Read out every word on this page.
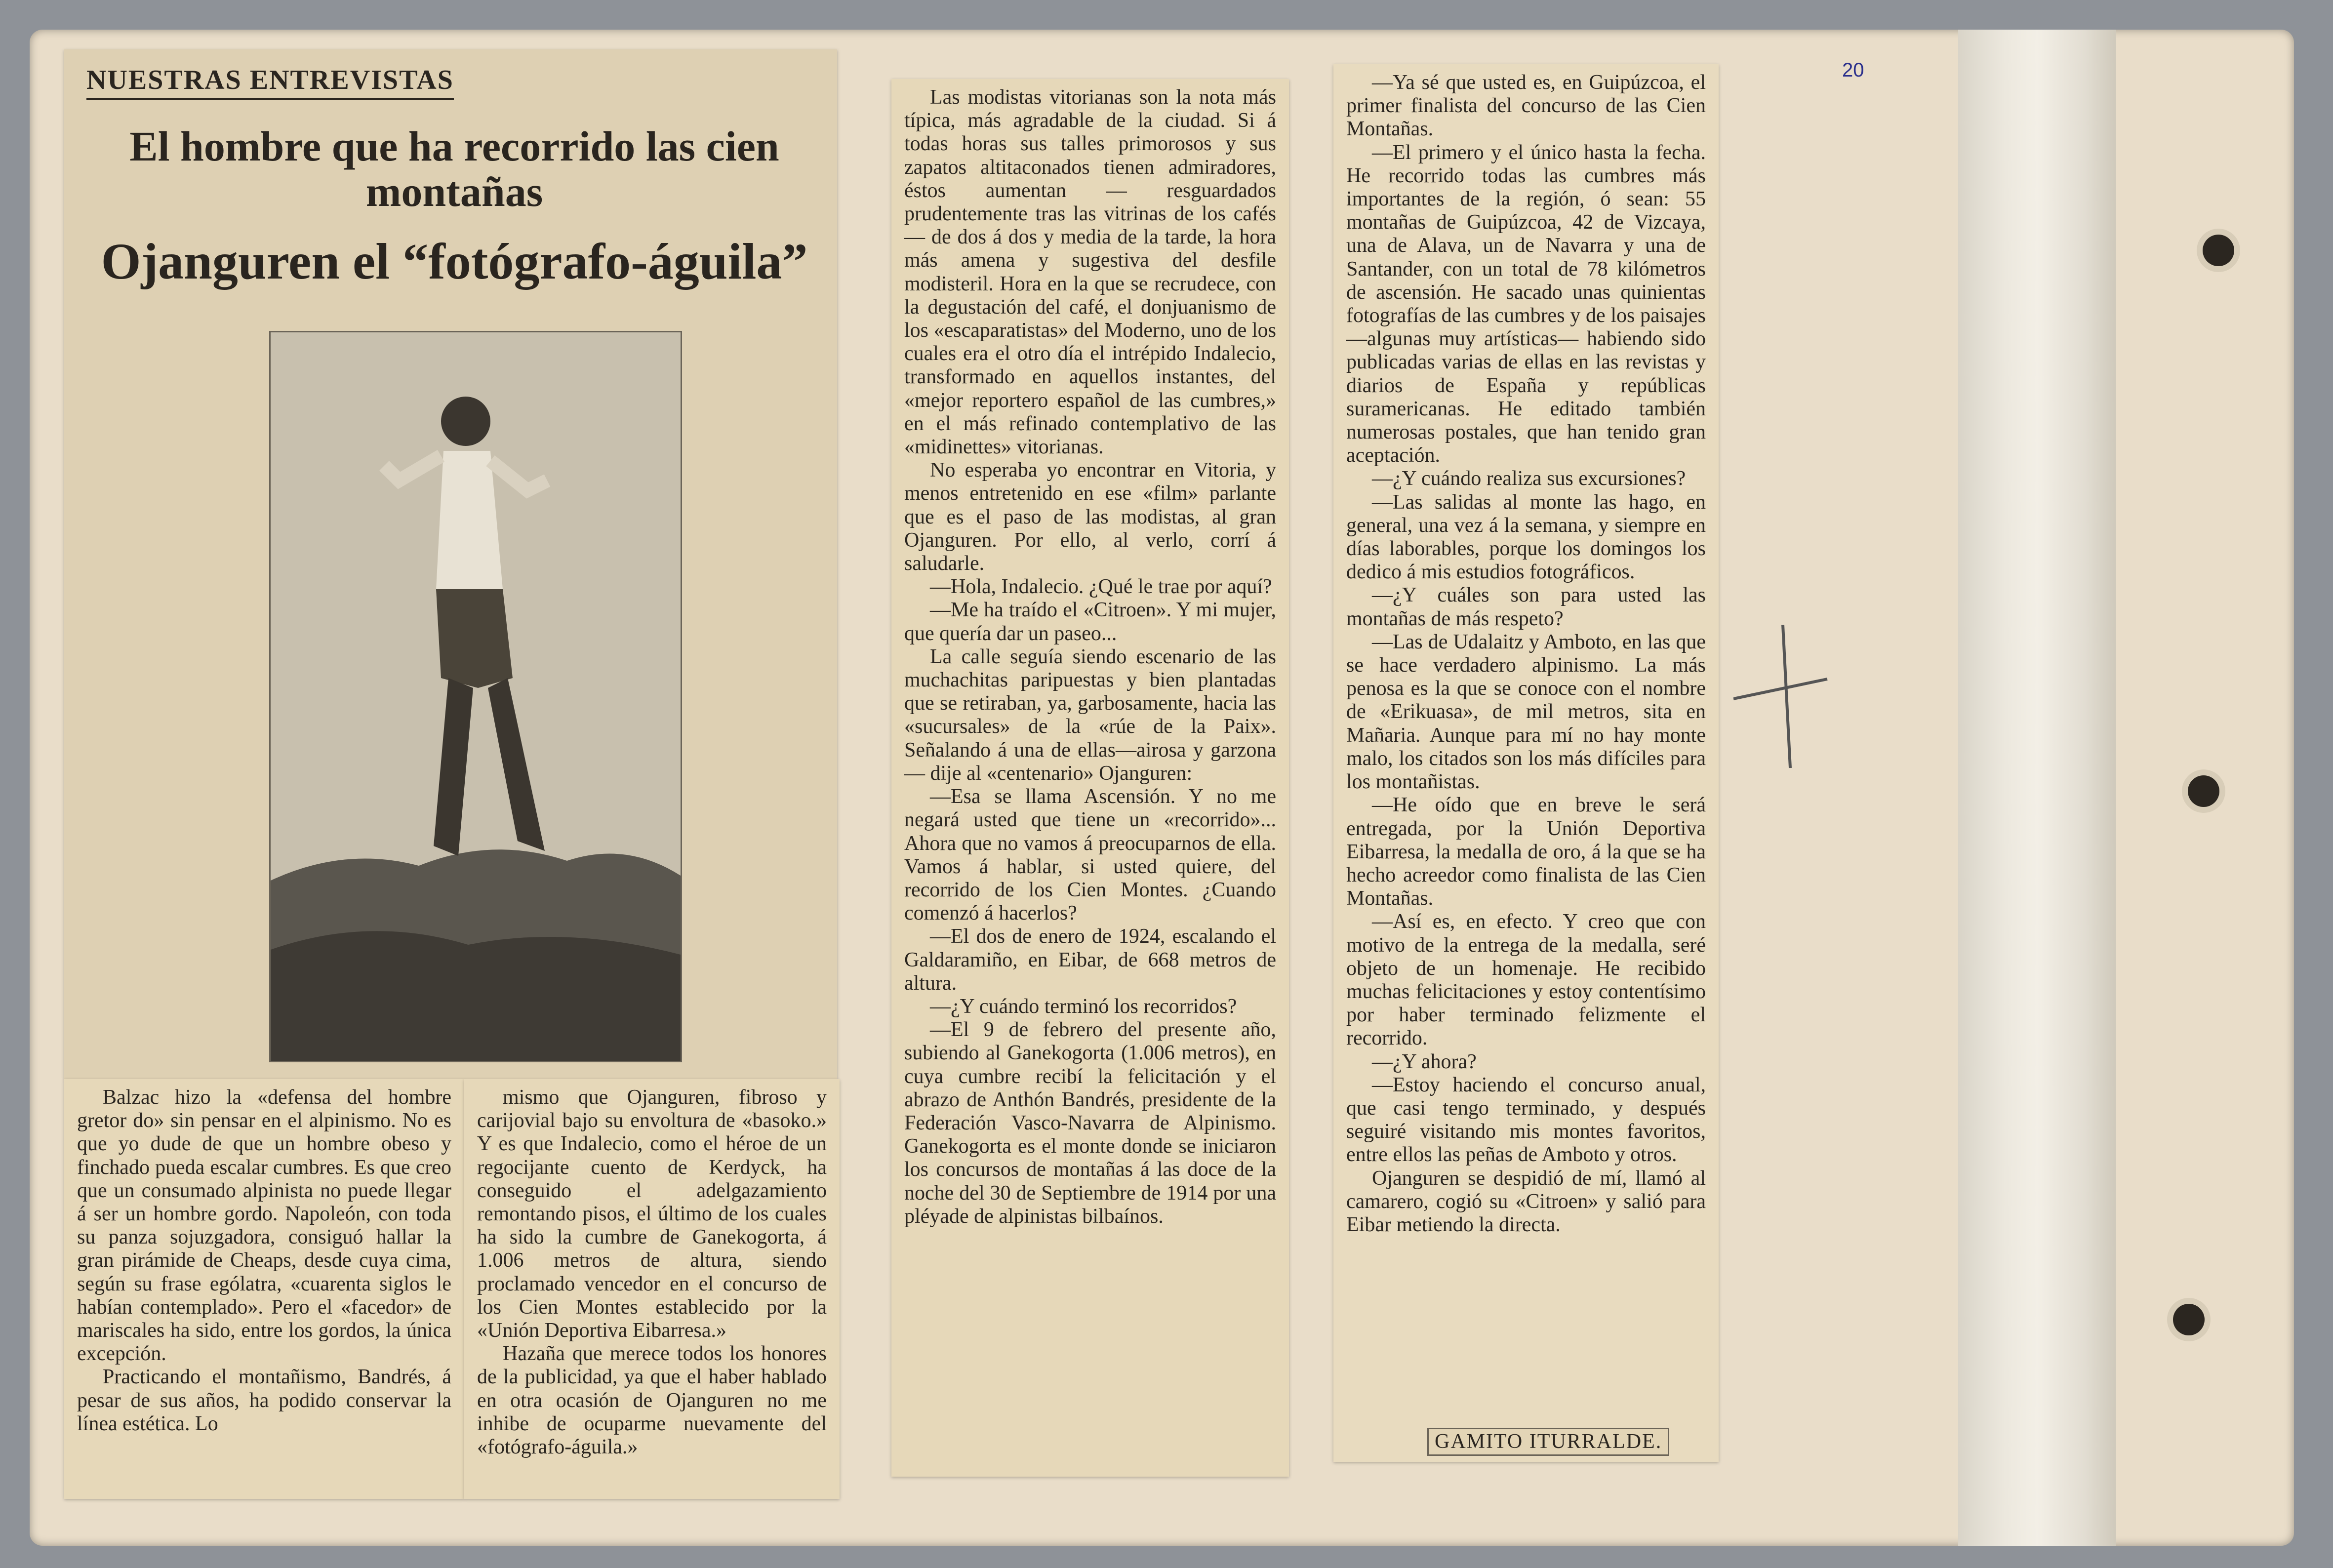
20
NUESTRAS ENTREVISTAS
El hombre que ha recorrido las cien montañas
Ojanguren el “fotógrafo-águila”

Balzac hizo la «defensa del hombre gretor do» sin pensar en el alpinismo. No es que yo dude de que un hombre obeso y finchado pueda escalar cumbres. Es que creo que un consumado alpinista no puede llegar á ser un hombre gordo. Napoleón, con toda su panza sojuzgadora, consiguó hallar la gran pirámide de Cheaps, desde cuya cima, según su frase ególatra, «cuarenta siglos le habían contemplado». Pero el «facedor» de mariscales ha sido, entre los gordos, la única excepción.

Practicando el montañismo, Bandrés, á pesar de sus años, ha podido conservar la línea estética. Lo

mismo que Ojanguren, fibroso y carijovial bajo su envoltura de «basoko.» Y es que Indalecio, como el héroe de un regocijante cuento de Kerdyck, ha conseguido el adelgazamiento remontando pisos, el último de los cuales ha sido la cumbre de Ganekogorta, á 1.006 metros de altura, siendo proclamado vencedor en el concurso de los Cien Montes establecido por la «Unión Deportiva Eibarresa.»

Hazaña que merece todos los honores de la publicidad, ya que el haber hablado en otra ocasión de Ojanguren no me inhibe de ocuparme nuevamente del «fotógrafo-águila.»

Las modistas vitorianas son la nota más típica, más agradable de la ciudad. Si á todas horas sus talles primorosos y sus zapatos altitaconados tienen admiradores, éstos aumentan — resguardados prudentemente tras las vitrinas de los cafés— de dos á dos y media de la tarde, la hora más amena y sugestiva del desfile modisteril. Hora en la que se recrudece, con la degustación del café, el donjuanismo de los «escaparatistas» del Moderno, uno de los cuales era el otro día el intrépido Indalecio, transformado en aquellos instantes, del «mejor reportero español de las cumbres,» en el más refinado contemplativo de las «midinettes» vitorianas.

No esperaba yo encontrar en Vitoria, y menos entretenido en ese «film» parlante que es el paso de las modistas, al gran Ojanguren. Por ello, al verlo, corrí á saludarle.

—Hola, Indalecio. ¿Qué le trae por aquí?

—Me ha traído el «Citroen». Y mi mujer, que quería dar un paseo...

La calle seguía siendo escenario de las muchachitas paripuestas y bien plantadas que se retiraban, ya, garbosamente, hacia las «sucursales» de la «rúe de la Paix». Señalando á una de ellas—airosa y garzona— dije al «centenario» Ojanguren:

—Esa se llama Ascensión. Y no me negará usted que tiene un «recorrido»... Ahora que no vamos á preocuparnos de ella. Vamos á hablar, si usted quiere, del recorrido de los Cien Montes. ¿Cuando comenzó á hacerlos?

—El dos de enero de 1924, escalando el Galdaramiño, en Eibar, de 668 metros de altura.

—¿Y cuándo terminó los recorridos?

—El 9 de febrero del presente año, subiendo al Ganekogorta (1.006 metros), en cuya cumbre recibí la felicitación y el abrazo de Anthón Bandrés, presidente de la Federación Vasco-Navarra de Alpinismo. Ganekogorta es el monte donde se iniciaron los concursos de montañas á las doce de la noche del 30 de Septiembre de 1914 por una pléyade de alpinistas bilbaínos.

—Ya sé que usted es, en Guipúzcoa, el primer finalista del concurso de las Cien Montañas.

—El primero y el único hasta la fecha. He recorrido todas las cumbres más importantes de la región, ó sean: 55 montañas de Guipúzcoa, 42 de Vizcaya, una de Alava, un de Navarra y una de Santander, con un total de 78 kilómetros de ascensión. He sacado unas quinientas fotografías de las cumbres y de los paisajes—algunas muy artísticas— habiendo sido publicadas varias de ellas en las revistas y diarios de España y repúblicas suramericanas. He editado también numerosas postales, que han tenido gran aceptación.

—¿Y cuándo realiza sus excursiones?

—Las salidas al monte las hago, en general, una vez á la semana, y siempre en días laborables, porque los domingos los dedico á mis estudios fotográficos.

—¿Y cuáles son para usted las montañas de más respeto?

—Las de Udalaitz y Amboto, en las que se hace verdadero alpinismo. La más penosa es la que se conoce con el nombre de «Erikuasa», de mil metros, sita en Mañaria. Aunque para mí no hay monte malo, los citados son los más difíciles para los montañistas.

—He oído que en breve le será entregada, por la Unión Deportiva Eibarresa, la medalla de oro, á la que se ha hecho acreedor como finalista de las Cien Montañas.

—Así es, en efecto. Y creo que con motivo de la entrega de la medalla, seré objeto de un homenaje. He recibido muchas felicitaciones y estoy contentísimo por haber terminado felizmente el recorrido.

—¿Y ahora?

—Estoy haciendo el concurso anual, que casi tengo terminado, y después seguiré visitando mis montes favoritos, entre ellos las peñas de Amboto y otros.

Ojanguren se despidió de mí, llamó al camarero, cogió su «Citroen» y salió para Eibar metiendo la directa.

GAMITO ITURRALDE.
